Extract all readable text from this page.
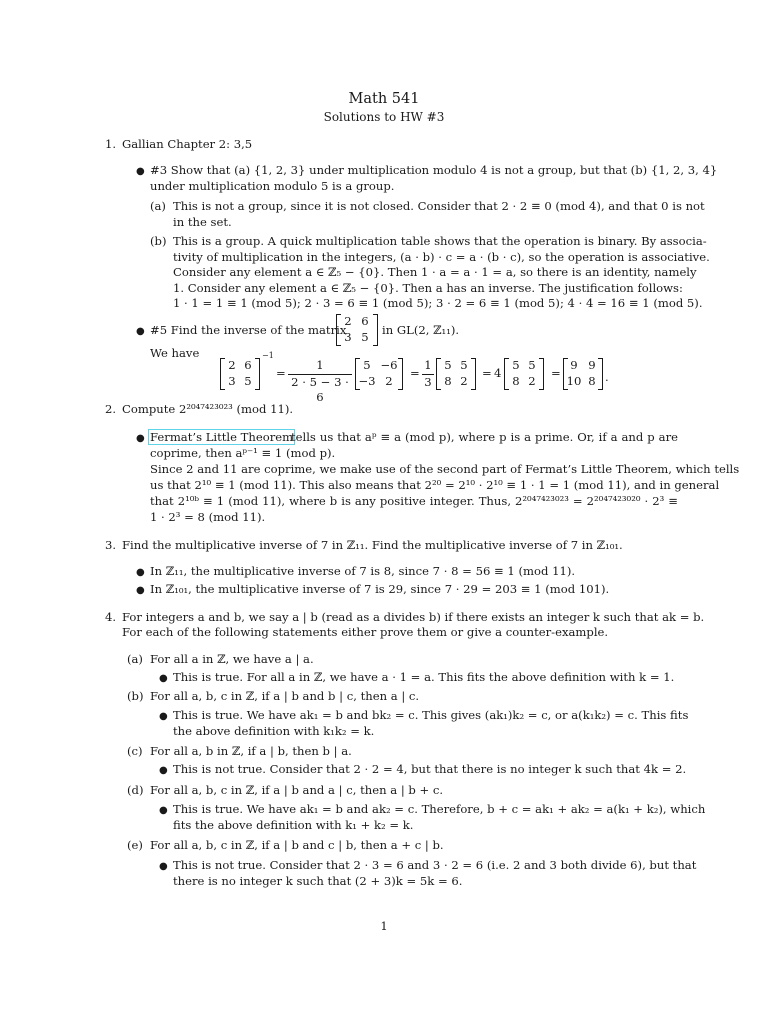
Math 541
Solutions to HW #3
1. Gallian Chapter 2: 3,5
● #3 Show that (a) {1, 2, 3} under multiplication modulo 4 is not a group, but that (b) {1, 2, 3, 4}
under multiplication modulo 5 is a group.
(a) This is not a group, since it is not closed. Consider that 2 · 2 ≡ 0 (mod 4), and that 0 is not
in the set.
(b) This is a group. A quick multiplication table shows that the operation is binary. By associa-
tivity of multiplication in the integers, (a · b) · c = a · (b · c), so the operation is associative.
Consider any element a ∈ ℤ₅ − {0}. Then 1 · a = a · 1 = a, so there is an identity, namely
1. Consider any element a ∈ ℤ₅ − {0}. Then a has an inverse. The justification follows:
1 · 1 = 1 ≡ 1 (mod 5); 2 · 3 = 6 ≡ 1 (mod 5); 3 · 2 = 6 ≡ 1 (mod 5); 4 · 4 = 16 ≡ 1 (mod 5).
● #5 Find the inverse of the matrix
2 6
3 5	in GL(2, ℤ₁₁).
We have
2 6
3 5
$^{-1}$
= $\frac{1}{2 \cdot 5 - 3 \cdot 6} 5 -6$
−3 2
= $\frac{1}{3} 5$ 5
8 2
= 4
5 5
8 2
=
9 9
10 8 .
2. Compute 2²⁰⁴⁷⁴²³⁰²³ (mod 11).
● Fermat’s Little Theorem
tells us that aᵖ ≡ a (mod p), where p is a prime. Or, if a and p are
coprime, then aᵖ⁻¹ ≡ 1 (mod p).
Since 2 and 11 are coprime, we make use of the second part of Fermat’s Little Theorem, which tells
us that 2¹⁰ ≡ 1 (mod 11). This also means that 2²⁰ = 2¹⁰ · 2¹⁰ ≡ 1 · 1 = 1 (mod 11), and in general
that 2¹⁰ᵇ ≡ 1 (mod 11), where b is any positive integer. Thus, 2²⁰⁴⁷⁴²³⁰²³ = 2²⁰⁴⁷⁴²³⁰²⁰ · 2³ ≡
1 · 2³ = 8 (mod 11).
3. Find the multiplicative inverse of 7 in ℤ₁₁. Find the multiplicative inverse of 7 in ℤ₁₀₁.
● In ℤ₁₁, the multiplicative inverse of 7 is 8, since 7 · 8 = 56 ≡ 1 (mod 11).
● In ℤ₁₀₁, the multiplicative inverse of 7 is 29, since 7 · 29 = 203 ≡ 1 (mod 101).
4. For integers a and b, we say a | b (read as a divides b) if there exists an integer k such that ak = b.
For each of the following statements either prove them or give a counter-example.
(a) For all a in ℤ, we have a | a.
● This is true. For all a in ℤ, we have a · 1 = a. This fits the above definition with k = 1.
(b) For all a, b, c in ℤ, if a | b and b | c, then a | c.
● This is true. We have ak₁ = b and bk₂ = c. This gives (ak₁)k₂ = c, or a(k₁k₂) = c. This fits
the above definition with k₁k₂ = k.
(c) For all a, b in ℤ, if a | b, then b | a.
● This is not true. Consider that 2 · 2 = 4, but that there is no integer k such that 4k = 2.
(d) For all a, b, c in ℤ, if a | b and a | c, then a | b + c.
● This is true. We have ak₁ = b and ak₂ = c. Therefore, b + c = ak₁ + ak₂ = a(k₁ + k₂), which
fits the above definition with k₁ + k₂ = k.
(e) For all a, b, c in ℤ, if a | b and c | b, then a + c | b.
● This is not true. Consider that 2 · 3 = 6 and 3 · 2 = 6 (i.e. 2 and 3 both divide 6), but that
there is no integer k such that (2 + 3)k = 5k = 6.
1
